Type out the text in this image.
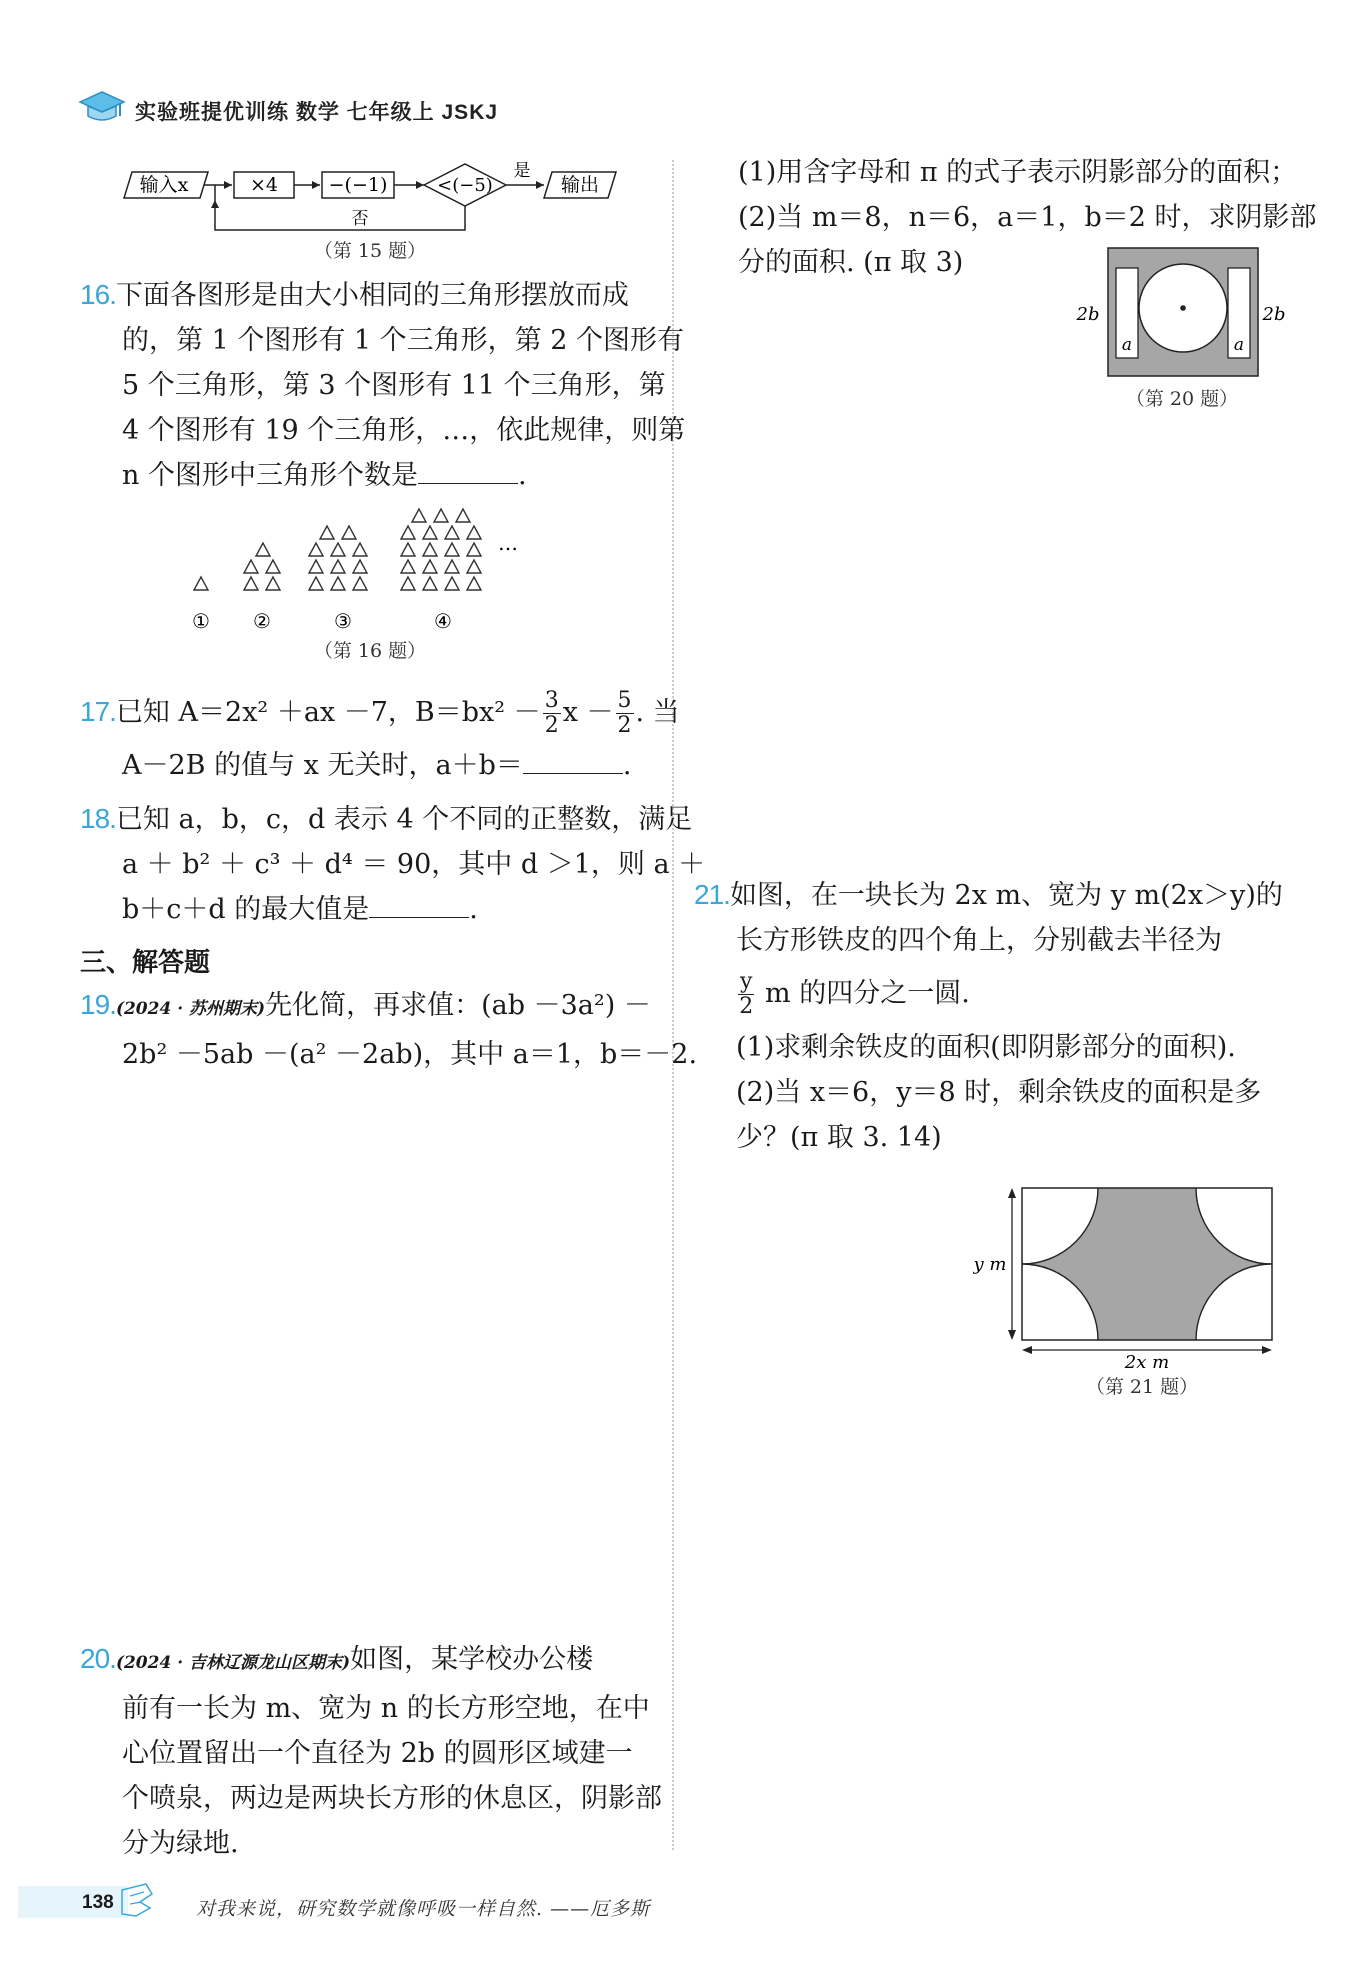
实验班提优训练 数学 七年级上 JSKJ
输入x	×4	−(−1)	<(−5)
是
输出
否
（第 15 题）
16.下面各图形是由大小相同的三角形摆放而成
的，第 1 个图形有 1 个三角形，第 2 个图形有
5 个三角形，第 3 个图形有 11 个三角形，第
4 个图形有 19 个三角形，…，依此规律，则第
n 个图形中三角形个数是	.
…
① ②	③	④
（第 16 题）
17.已知 A＝2x² ＋ax －7，$B=bx^2 - \frac{3}{2}$ $x - \frac{5}{2}$ . 当
A－2B 的值与 x 无关时，a＋b＝	.
18.已知 a，b，c，d 表示 4 个不同的正整数，满足
a ＋ b² ＋ c³ ＋ d⁴ ＝ 90，其中 d ＞1，则 a ＋
b＋c＋d 的最大值是	.
三、解答题
19.(2024 · 苏州期末)先化简，再求值：(ab －3a²) －
2b² －5ab －(a² －2ab)，其中 a＝1，b＝－2.
20.(2024 · 吉林辽源龙山区期末)如图，某学校办公楼
前有一长为 m、宽为 n 的长方形空地，在中
心位置留出一个直径为 2b 的圆形区域建一
个喷泉，两边是两块长方形的休息区，阴影部
分为绿地.
(1)用含字母和 π 的式子表示阴影部分的面积；
(2)当 m＝8，n＝6，a＝1，b＝2 时，求阴影部
分的面积. (π 取 3)
2b	2b
a	a
（第 20 题）
21.如图，在一块长为 2x m、宽为 y m(2x＞y)的
长方形铁皮的四个角上，分别截去半径为
$\frac{y}{2}$ m 的四分之一圆.
(1)求剩余铁皮的面积(即阴影部分的面积).
(2)当 x＝6，y＝8 时，剩余铁皮的面积是多
少？(π 取 3. 14)
y m
2x m
（第 21 题）
138	对我来说，研究数学就像呼吸一样自然. ——厄多斯
